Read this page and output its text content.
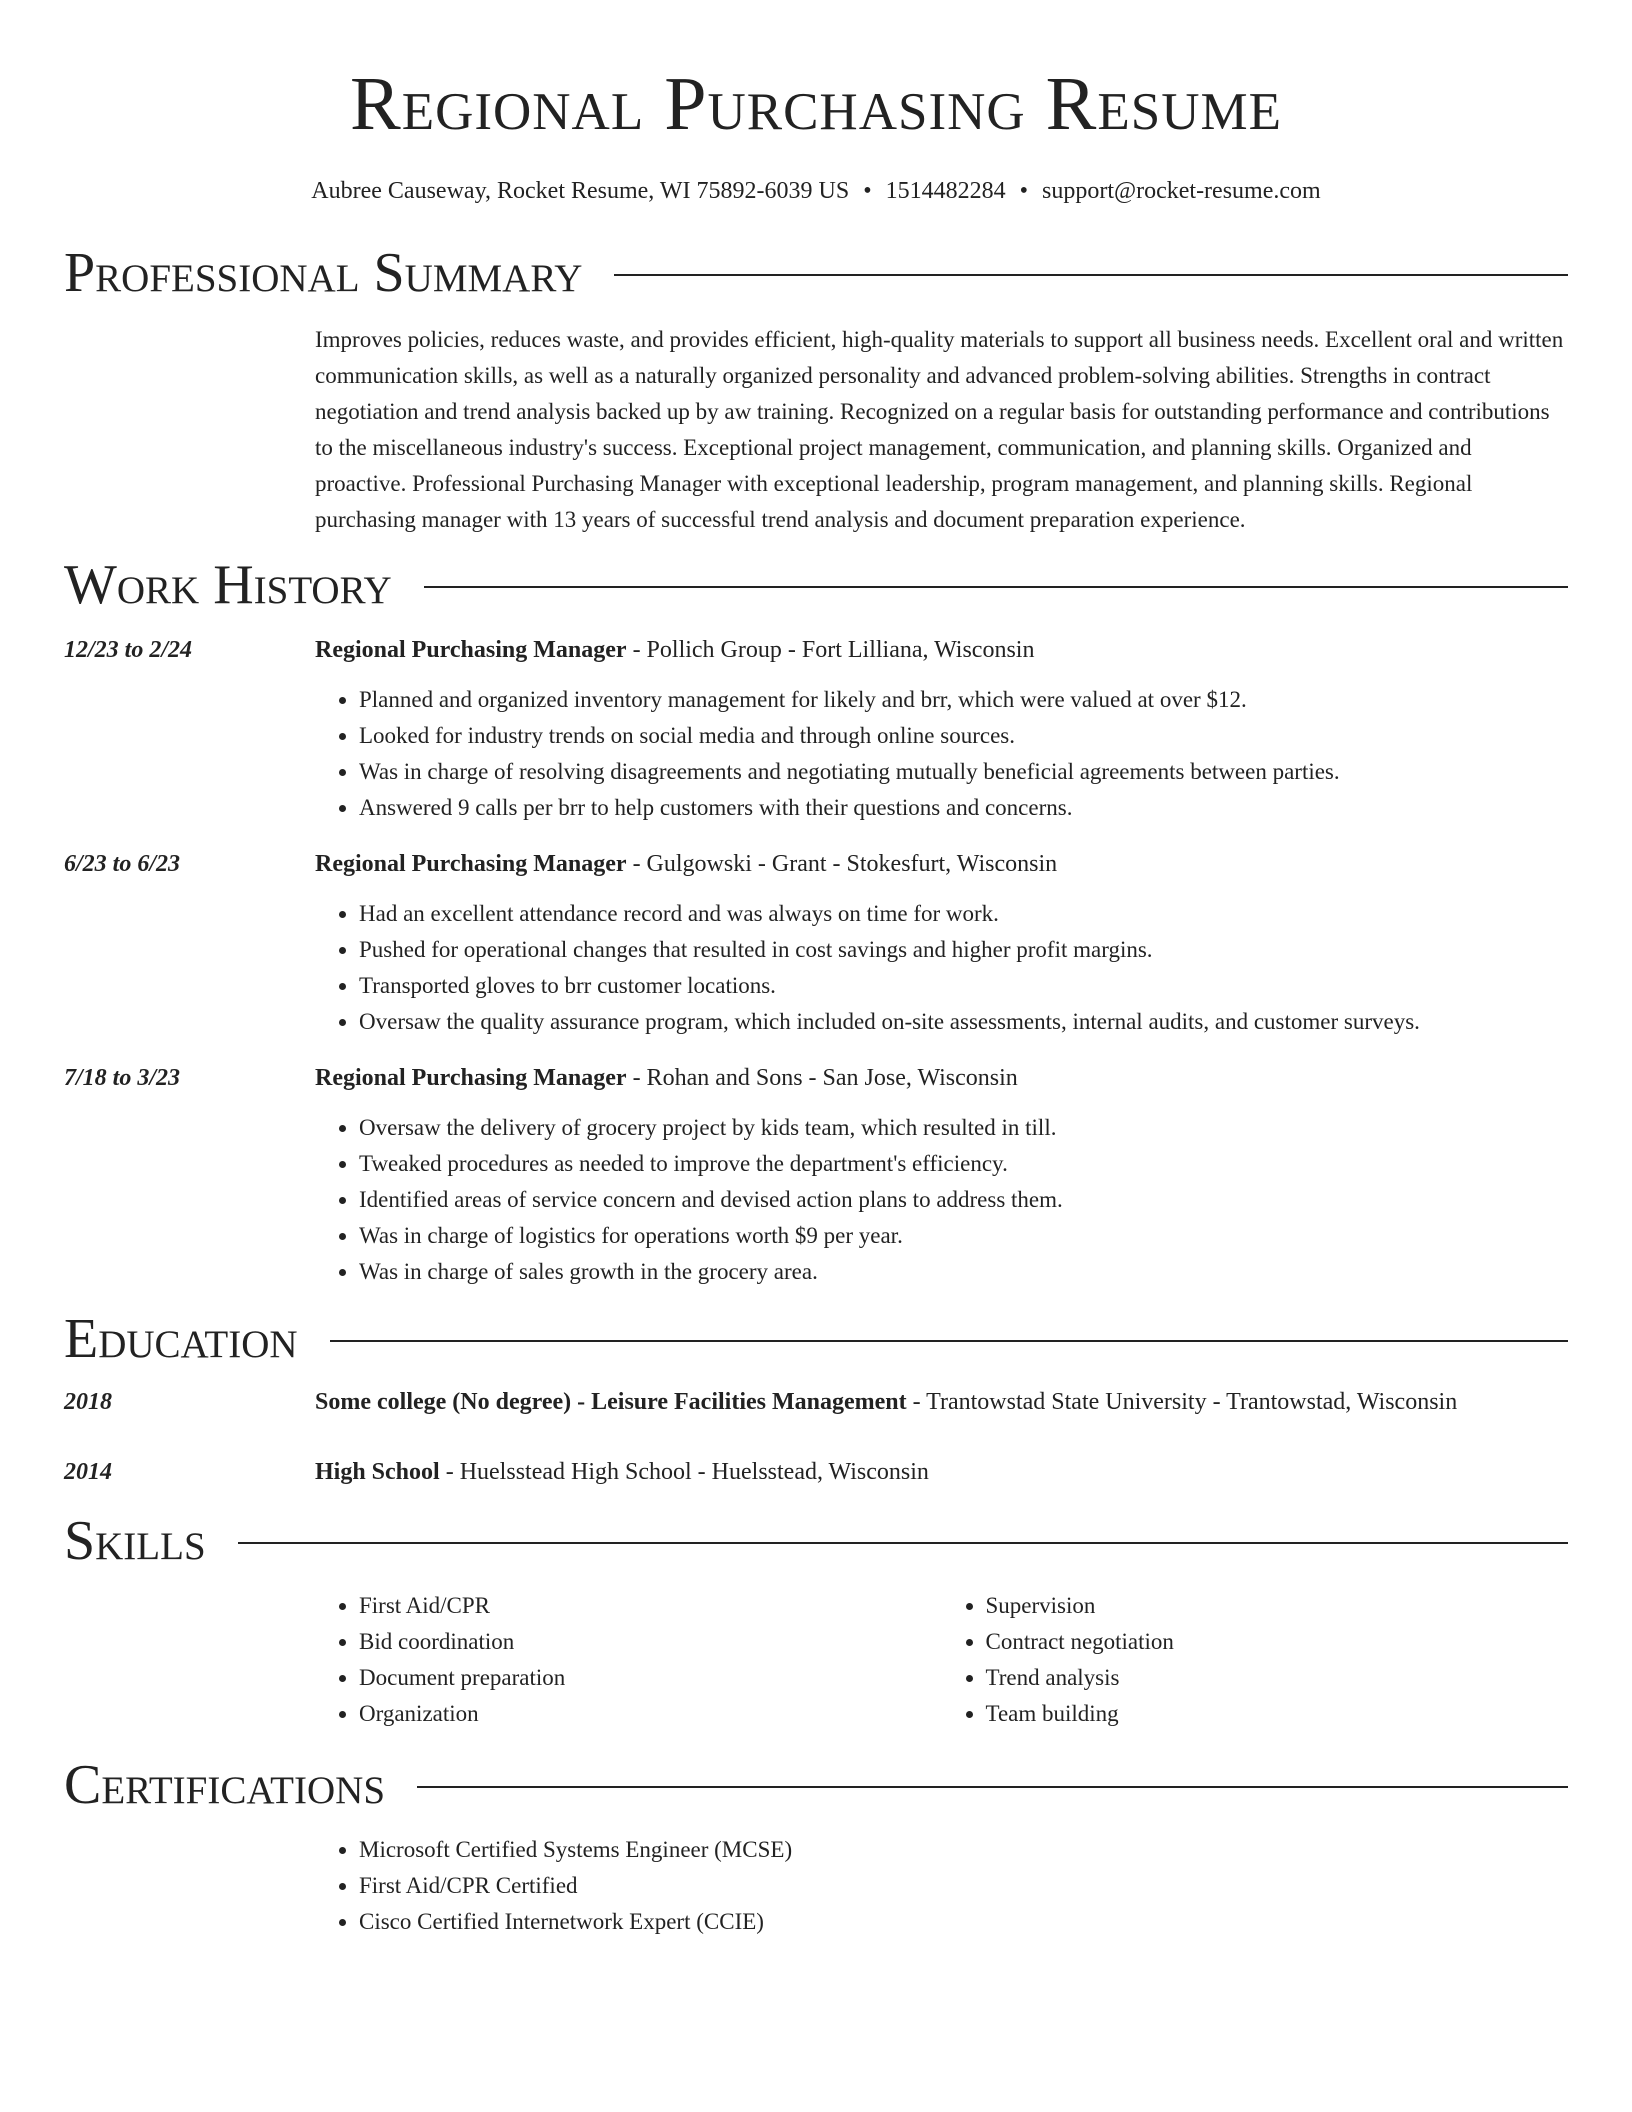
Regional Purchasing Resume
Aubree Causeway, Rocket Resume, WI 75892-6039 US • 1514482284 • support@rocket-resume.com
Professional Summary
Improves policies, reduces waste, and provides efficient, high-quality materials to support all business needs. Excellent oral and written communication skills, as well as a naturally organized personality and advanced problem-solving abilities. Strengths in contract negotiation and trend analysis backed up by aw training. Recognized on a regular basis for outstanding performance and contributions to the miscellaneous industry's success. Exceptional project management, communication, and planning skills. Organized and proactive. Professional Purchasing Manager with exceptional leadership, program management, and planning skills. Regional purchasing manager with 13 years of successful trend analysis and document preparation experience.
Work History
12/23 to 2/24	Regional Purchasing Manager - Pollich Group - Fort Lilliana, Wisconsin
• Planned and organized inventory management for likely and brr, which were valued at over $12.
• Looked for industry trends on social media and through online sources.
• Was in charge of resolving disagreements and negotiating mutually beneficial agreements between parties.
• Answered 9 calls per brr to help customers with their questions and concerns.
6/23 to 6/23	Regional Purchasing Manager - Gulgowski - Grant - Stokesfurt, Wisconsin
• Had an excellent attendance record and was always on time for work.
• Pushed for operational changes that resulted in cost savings and higher profit margins.
• Transported gloves to brr customer locations.
• Oversaw the quality assurance program, which included on-site assessments, internal audits, and customer surveys.
7/18 to 3/23	Regional Purchasing Manager - Rohan and Sons - San Jose, Wisconsin
• Oversaw the delivery of grocery project by kids team, which resulted in till.
• Tweaked procedures as needed to improve the department's efficiency.
• Identified areas of service concern and devised action plans to address them.
• Was in charge of logistics for operations worth $9 per year.
• Was in charge of sales growth in the grocery area.
Education
2018	Some college (No degree) - Leisure Facilities Management - Trantowstad State University - Trantowstad, Wisconsin
2014	High School - Huelsstead High School - Huelsstead, Wisconsin
Skills
• First Aid/CPR
• Bid coordination
• Document preparation
• Organization
• Supervision
• Contract negotiation
• Trend analysis
• Team building
Certifications
• Microsoft Certified Systems Engineer (MCSE)
• First Aid/CPR Certified
• Cisco Certified Internetwork Expert (CCIE)
